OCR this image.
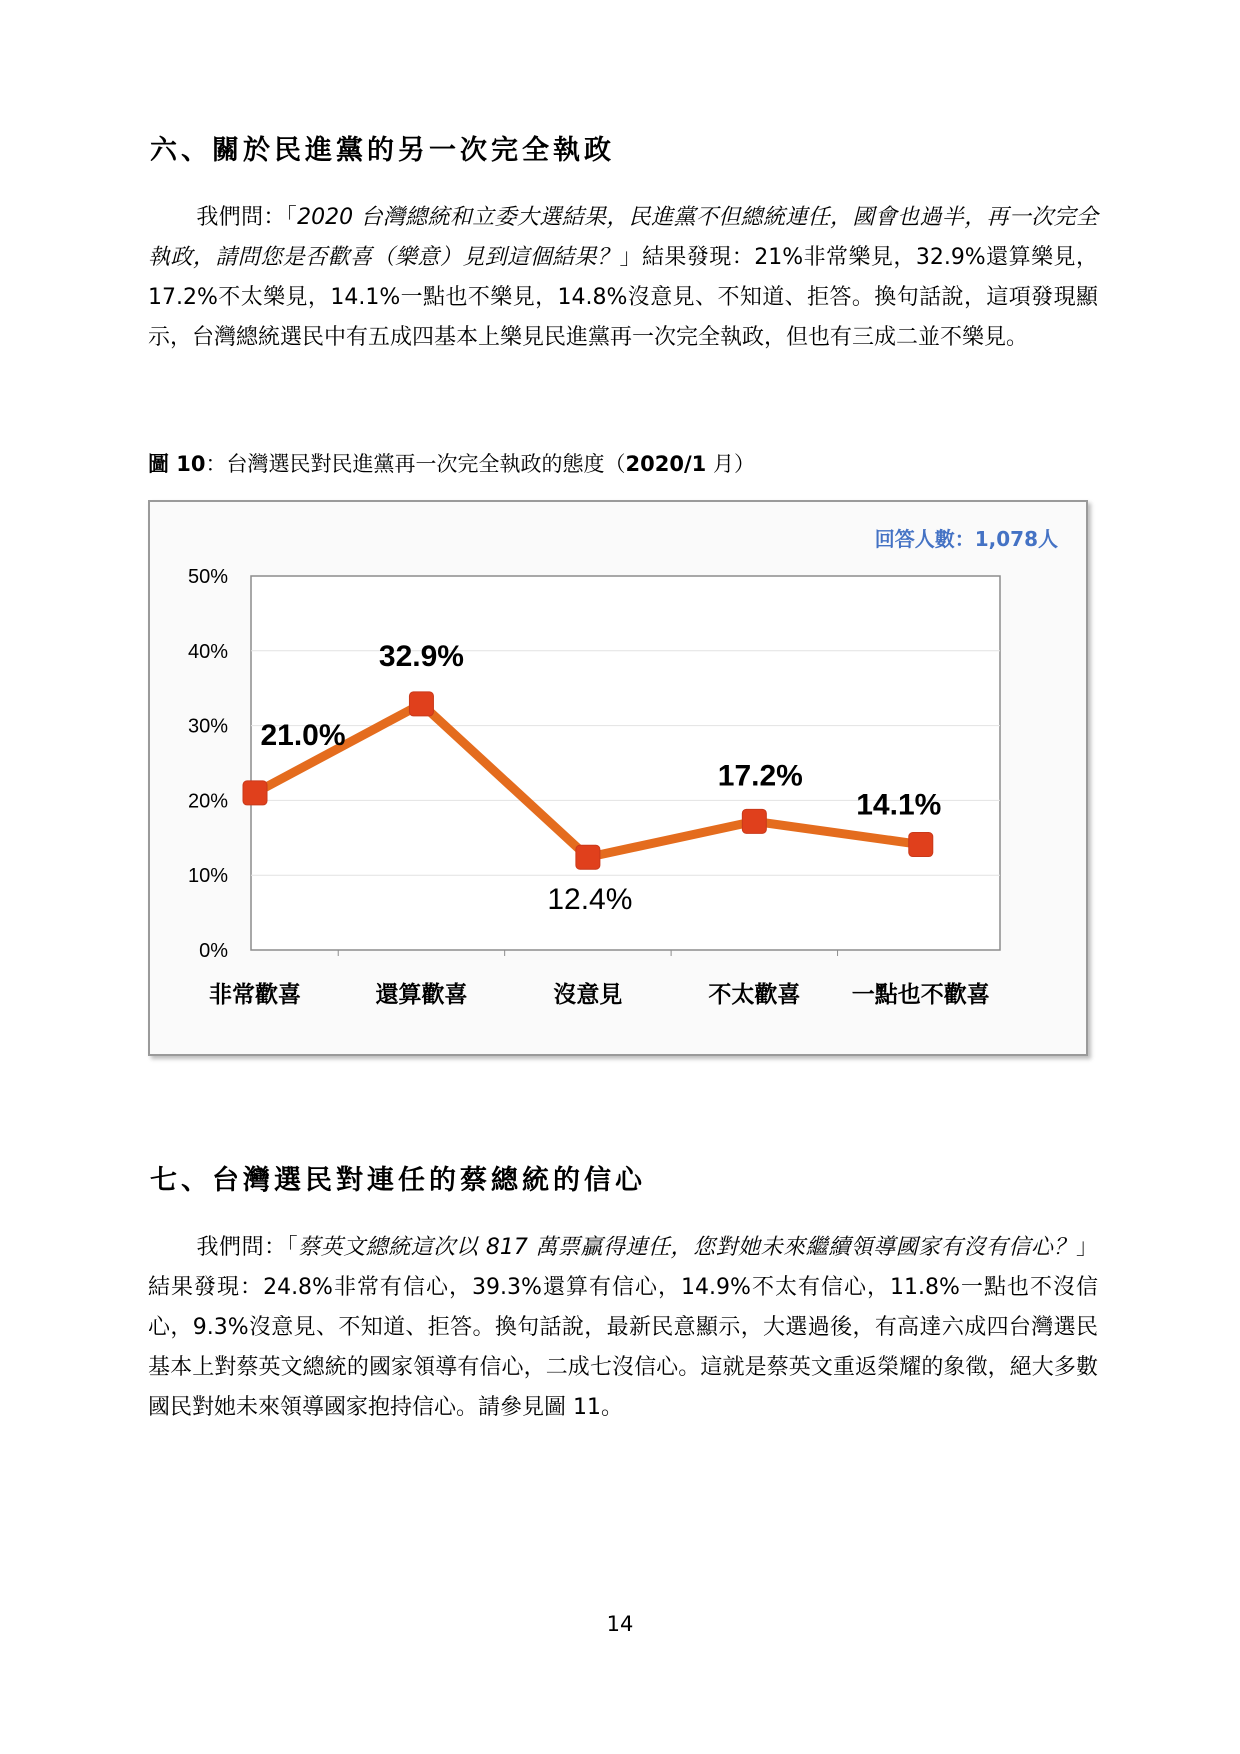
六、關於民進黨的另一次完全執政

我們問：「2020 台灣總統和立委大選結果，民進黨不但總統連任，國會也過半，再一次完全執政，請問您是否歡喜（樂意）見到這個結果？」結果發現：21%非常樂見，32.9%還算樂見，17.2%不太樂見，14.1%一點也不樂見，14.8%沒意見、不知道、拒答。換句話說，這項發現顯示，台灣總統選民中有五成四基本上樂見民進黨再一次完全執政，但也有三成二並不樂見。

圖 10：台灣選民對民進黨再一次完全執政的態度（2020/1 月）

0%
10%
20%
30%
40%
50%
非常歡喜	還算歡喜	沒意見	不太歡喜 一點也不歡喜
21.0%
32.9%
12.4%
17.2%
14.1%
回答人數：1,078人
七、台灣選民對連任的蔡總統的信心

我們問：「蔡英文總統這次以 817 萬票贏得連任，您對她未來繼續領導國家有沒有信心？」結果發現：24.8%非常有信心，39.3%還算有信心，14.9%不太有信心，11.8%一點也不沒信心，9.3%沒意見、不知道、拒答。換句話說，最新民意顯示，大選過後，有高達六成四台灣選民基本上對蔡英文總統的國家領導有信心，二成七沒信心。這就是蔡英文重返榮耀的象徵，絕大多數國民對她未來領導國家抱持信心。請參見圖 11。

14
